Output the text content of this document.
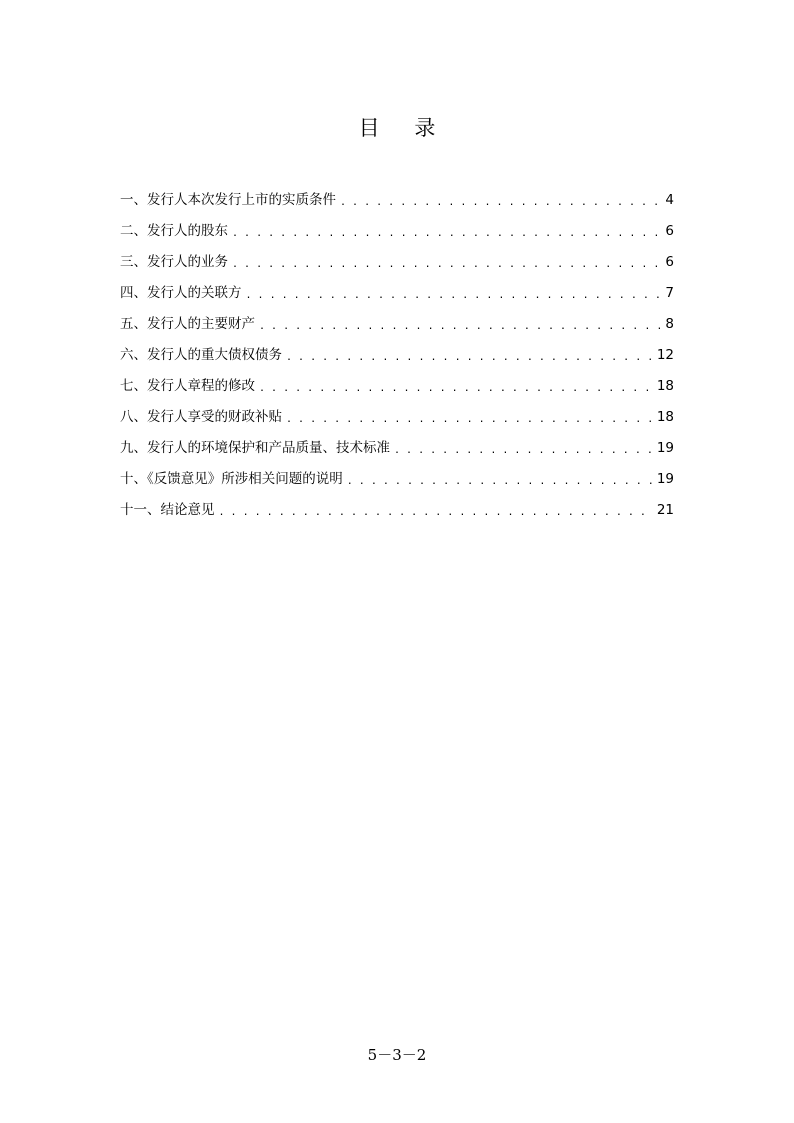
目 录
一、发行人本次发行上市的实质条件 . . .	4
二、发行人的股东 . . .	6
三、发行人的业务 . . .	6
四、发行人的关联方 . . .	7
五、发行人的主要财产 . . .	8
六、发行人的重大债权债务 . . .	12
七、发行人章程的修改 . . .	18
八、发行人享受的财政补贴 . . .	18
九、发行人的环境保护和产品质量、技术标准 . . .	19
十、《反馈意见》所涉相关问题的说明 . . .	19
十一、结论意见 . . .	21
5－3－2
